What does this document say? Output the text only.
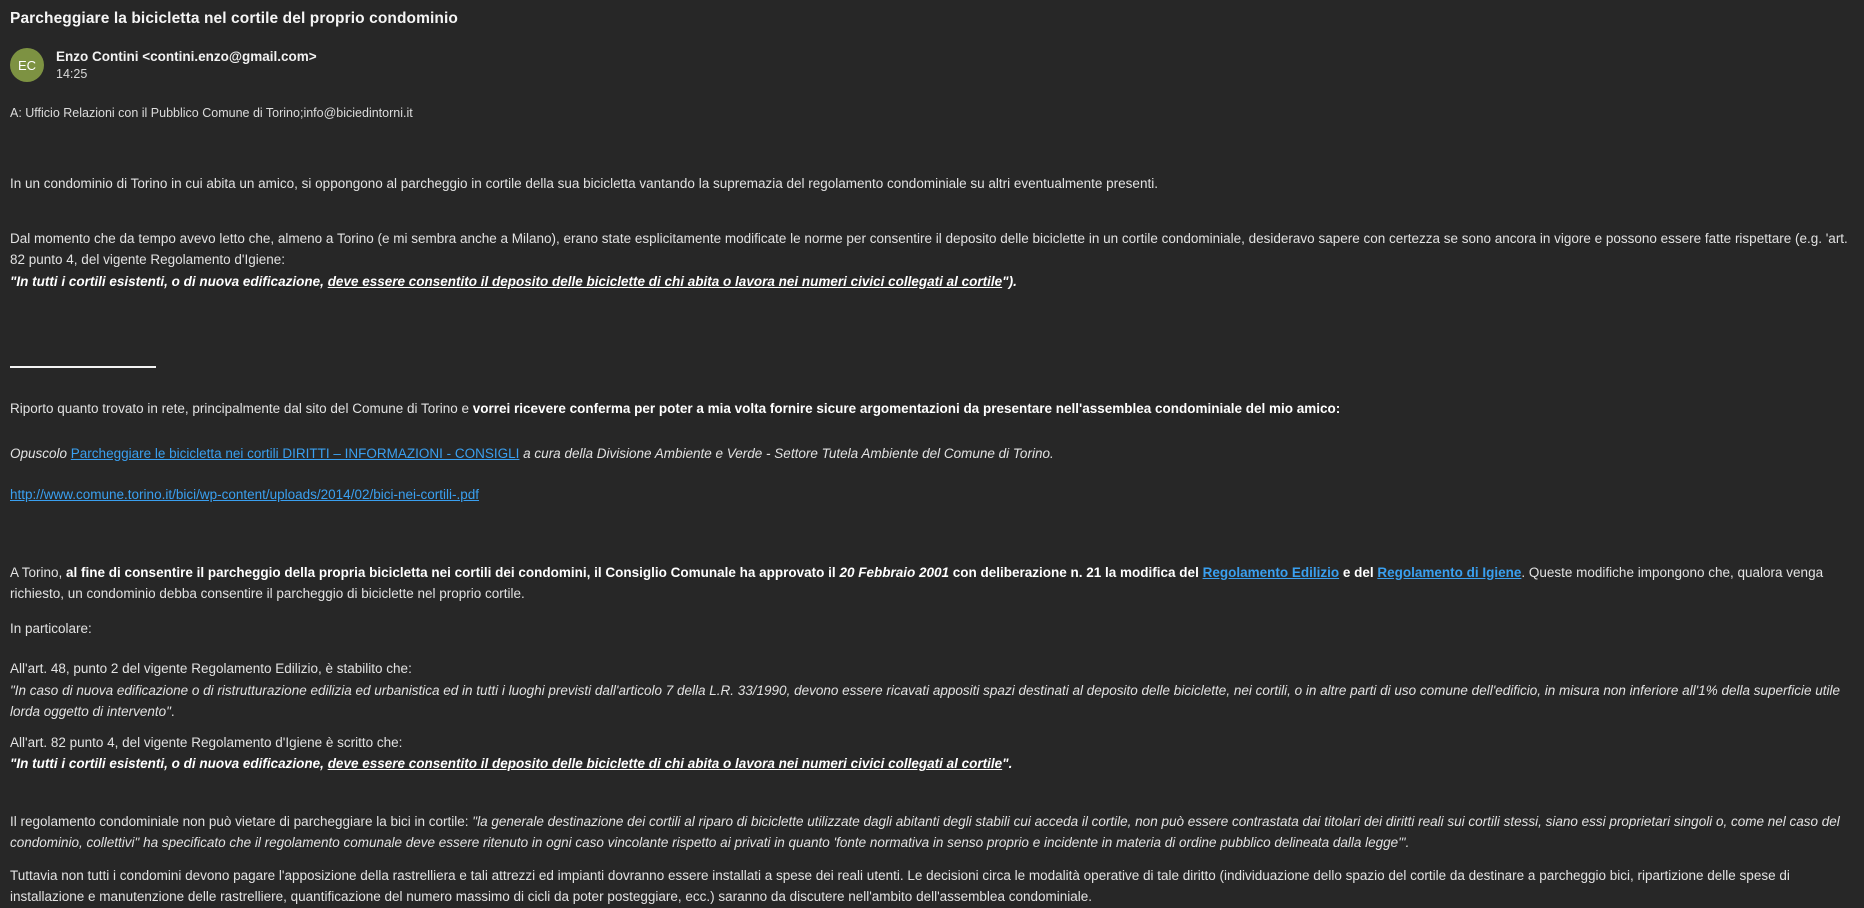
Parcheggiare la bicicletta nel cortile del proprio condominio
EC
Enzo Contini <contini.enzo@gmail.com>
14:25
A: Ufficio Relazioni con il Pubblico Comune di Torino;info@biciedintorni.it

In un condominio di Torino in cui abita un amico, si oppongono al parcheggio in cortile della sua bicicletta vantando la supremazia del regolamento condominiale su altri eventualmente presenti.

Dal momento che da tempo avevo letto che, almeno a Torino (e mi sembra anche a Milano), erano state esplicitamente modificate le norme per consentire il deposito delle biciclette in un cortile condominiale, desideravo sapere con certezza se sono ancora in vigore e possono essere fatte rispettare (e.g. 'art. 82 punto 4, del vigente Regolamento d'Igiene:
"In tutti i cortili esistenti, o di nuova edificazione, deve essere consentito il deposito delle biciclette di chi abita o lavora nei numeri civici collegati al cortile").

Riporto quanto trovato in rete, principalmente dal sito del Comune di Torino e vorrei ricevere conferma per poter a mia volta fornire sicure argomentazioni da presentare nell'assemblea condominiale del mio amico:

Opuscolo Parcheggiare le bicicletta nei cortili DIRITTI – INFORMAZIONI - CONSIGLI a cura della Divisione Ambiente e Verde - Settore Tutela Ambiente del Comune di Torino.

http://www.comune.torino.it/bici/wp-content/uploads/2014/02/bici-nei-cortili-.pdf

A Torino, al fine di consentire il parcheggio della propria bicicletta nei cortili dei condomini, il Consiglio Comunale ha approvato il 20 Febbraio 2001 con deliberazione n. 21 la modifica del Regolamento Edilizio e del Regolamento di Igiene. Queste modifiche impongono che, qualora venga richiesto, un condominio debba consentire il parcheggio di biciclette nel proprio cortile.

In particolare:

All'art. 48, punto 2 del vigente Regolamento Edilizio, è stabilito che:
"In caso di nuova edificazione o di ristrutturazione edilizia ed urbanistica ed in tutti i luoghi previsti dall'articolo 7 della L.R. 33/1990, devono essere ricavati appositi spazi destinati al deposito delle biciclette, nei cortili, o in altre parti di uso comune dell'edificio, in misura non inferiore all'1% della superficie utile lorda oggetto di intervento".

All'art. 82 punto 4, del vigente Regolamento d'Igiene è scritto che:
"In tutti i cortili esistenti, o di nuova edificazione, deve essere consentito il deposito delle biciclette di chi abita o lavora nei numeri civici collegati al cortile".

Il regolamento condominiale non può vietare di parcheggiare la bici in cortile: "la generale destinazione dei cortili al riparo di biciclette utilizzate dagli abitanti degli stabili cui acceda il cortile, non può essere contrastata dai titolari dei diritti reali sui cortili stessi, siano essi proprietari singoli o, come nel caso del condominio, collettivi" ha specificato che il regolamento comunale deve essere ritenuto in ogni caso vincolante rispetto ai privati in quanto 'fonte normativa in senso proprio e incidente in materia di ordine pubblico delineata dalla legge"'.

Tuttavia non tutti i condomini devono pagare l'apposizione della rastrelliera e tali attrezzi ed impianti dovranno essere installati a spese dei reali utenti. Le decisioni circa le modalità operative di tale diritto (individuazione dello spazio del cortile da destinare a parcheggio bici, ripartizione delle spese di installazione e manutenzione delle rastrelliere, quantificazione del numero massimo di cicli da poter posteggiare, ecc.) saranno da discutere nell'ambito dell'assemblea condominiale.
